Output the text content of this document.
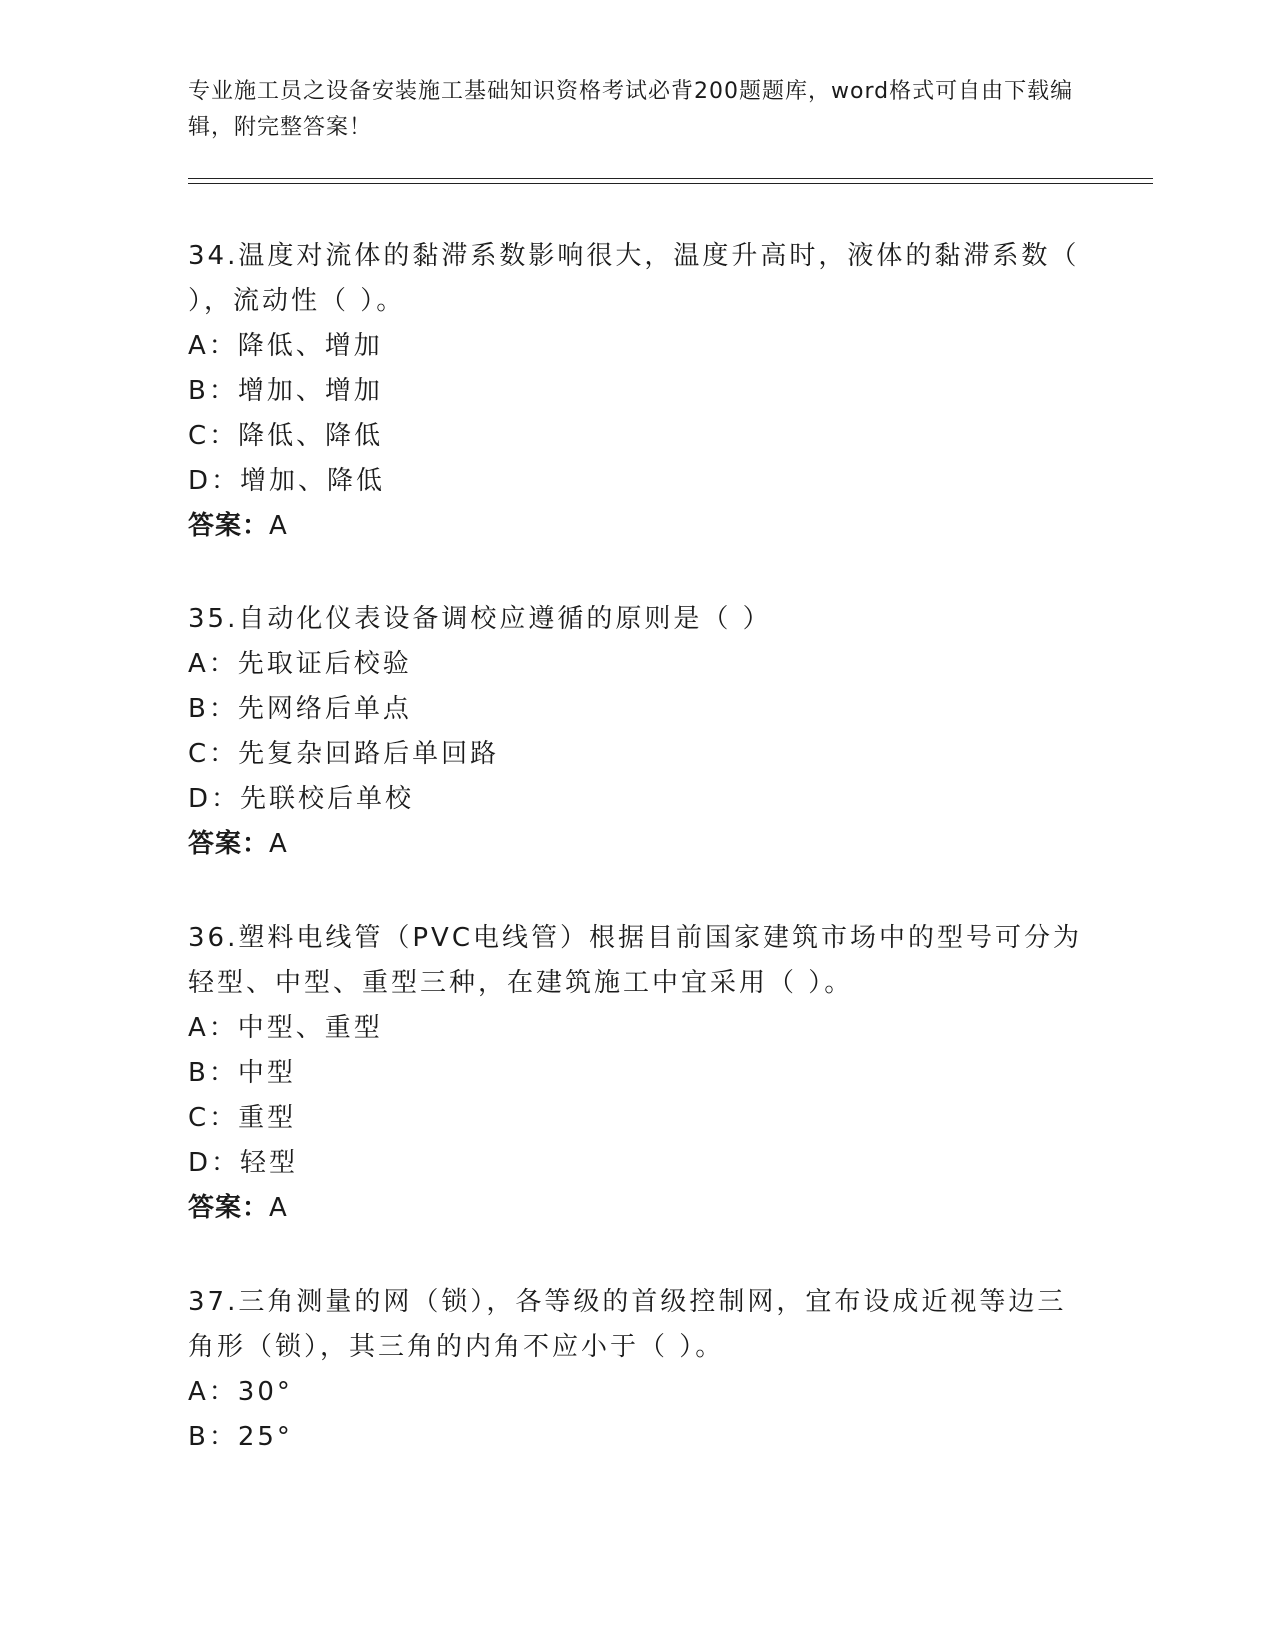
专业施工员之设备安装施工基础知识资格考试必背200题题库，word格式可自由下载编辑，附完整答案！
34.温度对流体的黏滞系数影响很大，温度升高时，液体的黏滞系数（ ），流动性（ ）。
A：降低、增加
B：增加、增加
C：降低、降低
D：增加、降低
答案：A
35.自动化仪表设备调校应遵循的原则是（ ）
A：先取证后校验
B：先网络后单点
C：先复杂回路后单回路
D：先联校后单校
答案：A
36.塑料电线管（PVC电线管）根据目前国家建筑市场中的型号可分为轻型、中型、重型三种，在建筑施工中宜采用（ ）。
A：中型、重型
B：中型
C：重型
D：轻型
答案：A
37.三角测量的网（锁），各等级的首级控制网，宜布设成近视等边三角形（锁），其三角的内角不应小于（ ）。
A：30°
B：25°
